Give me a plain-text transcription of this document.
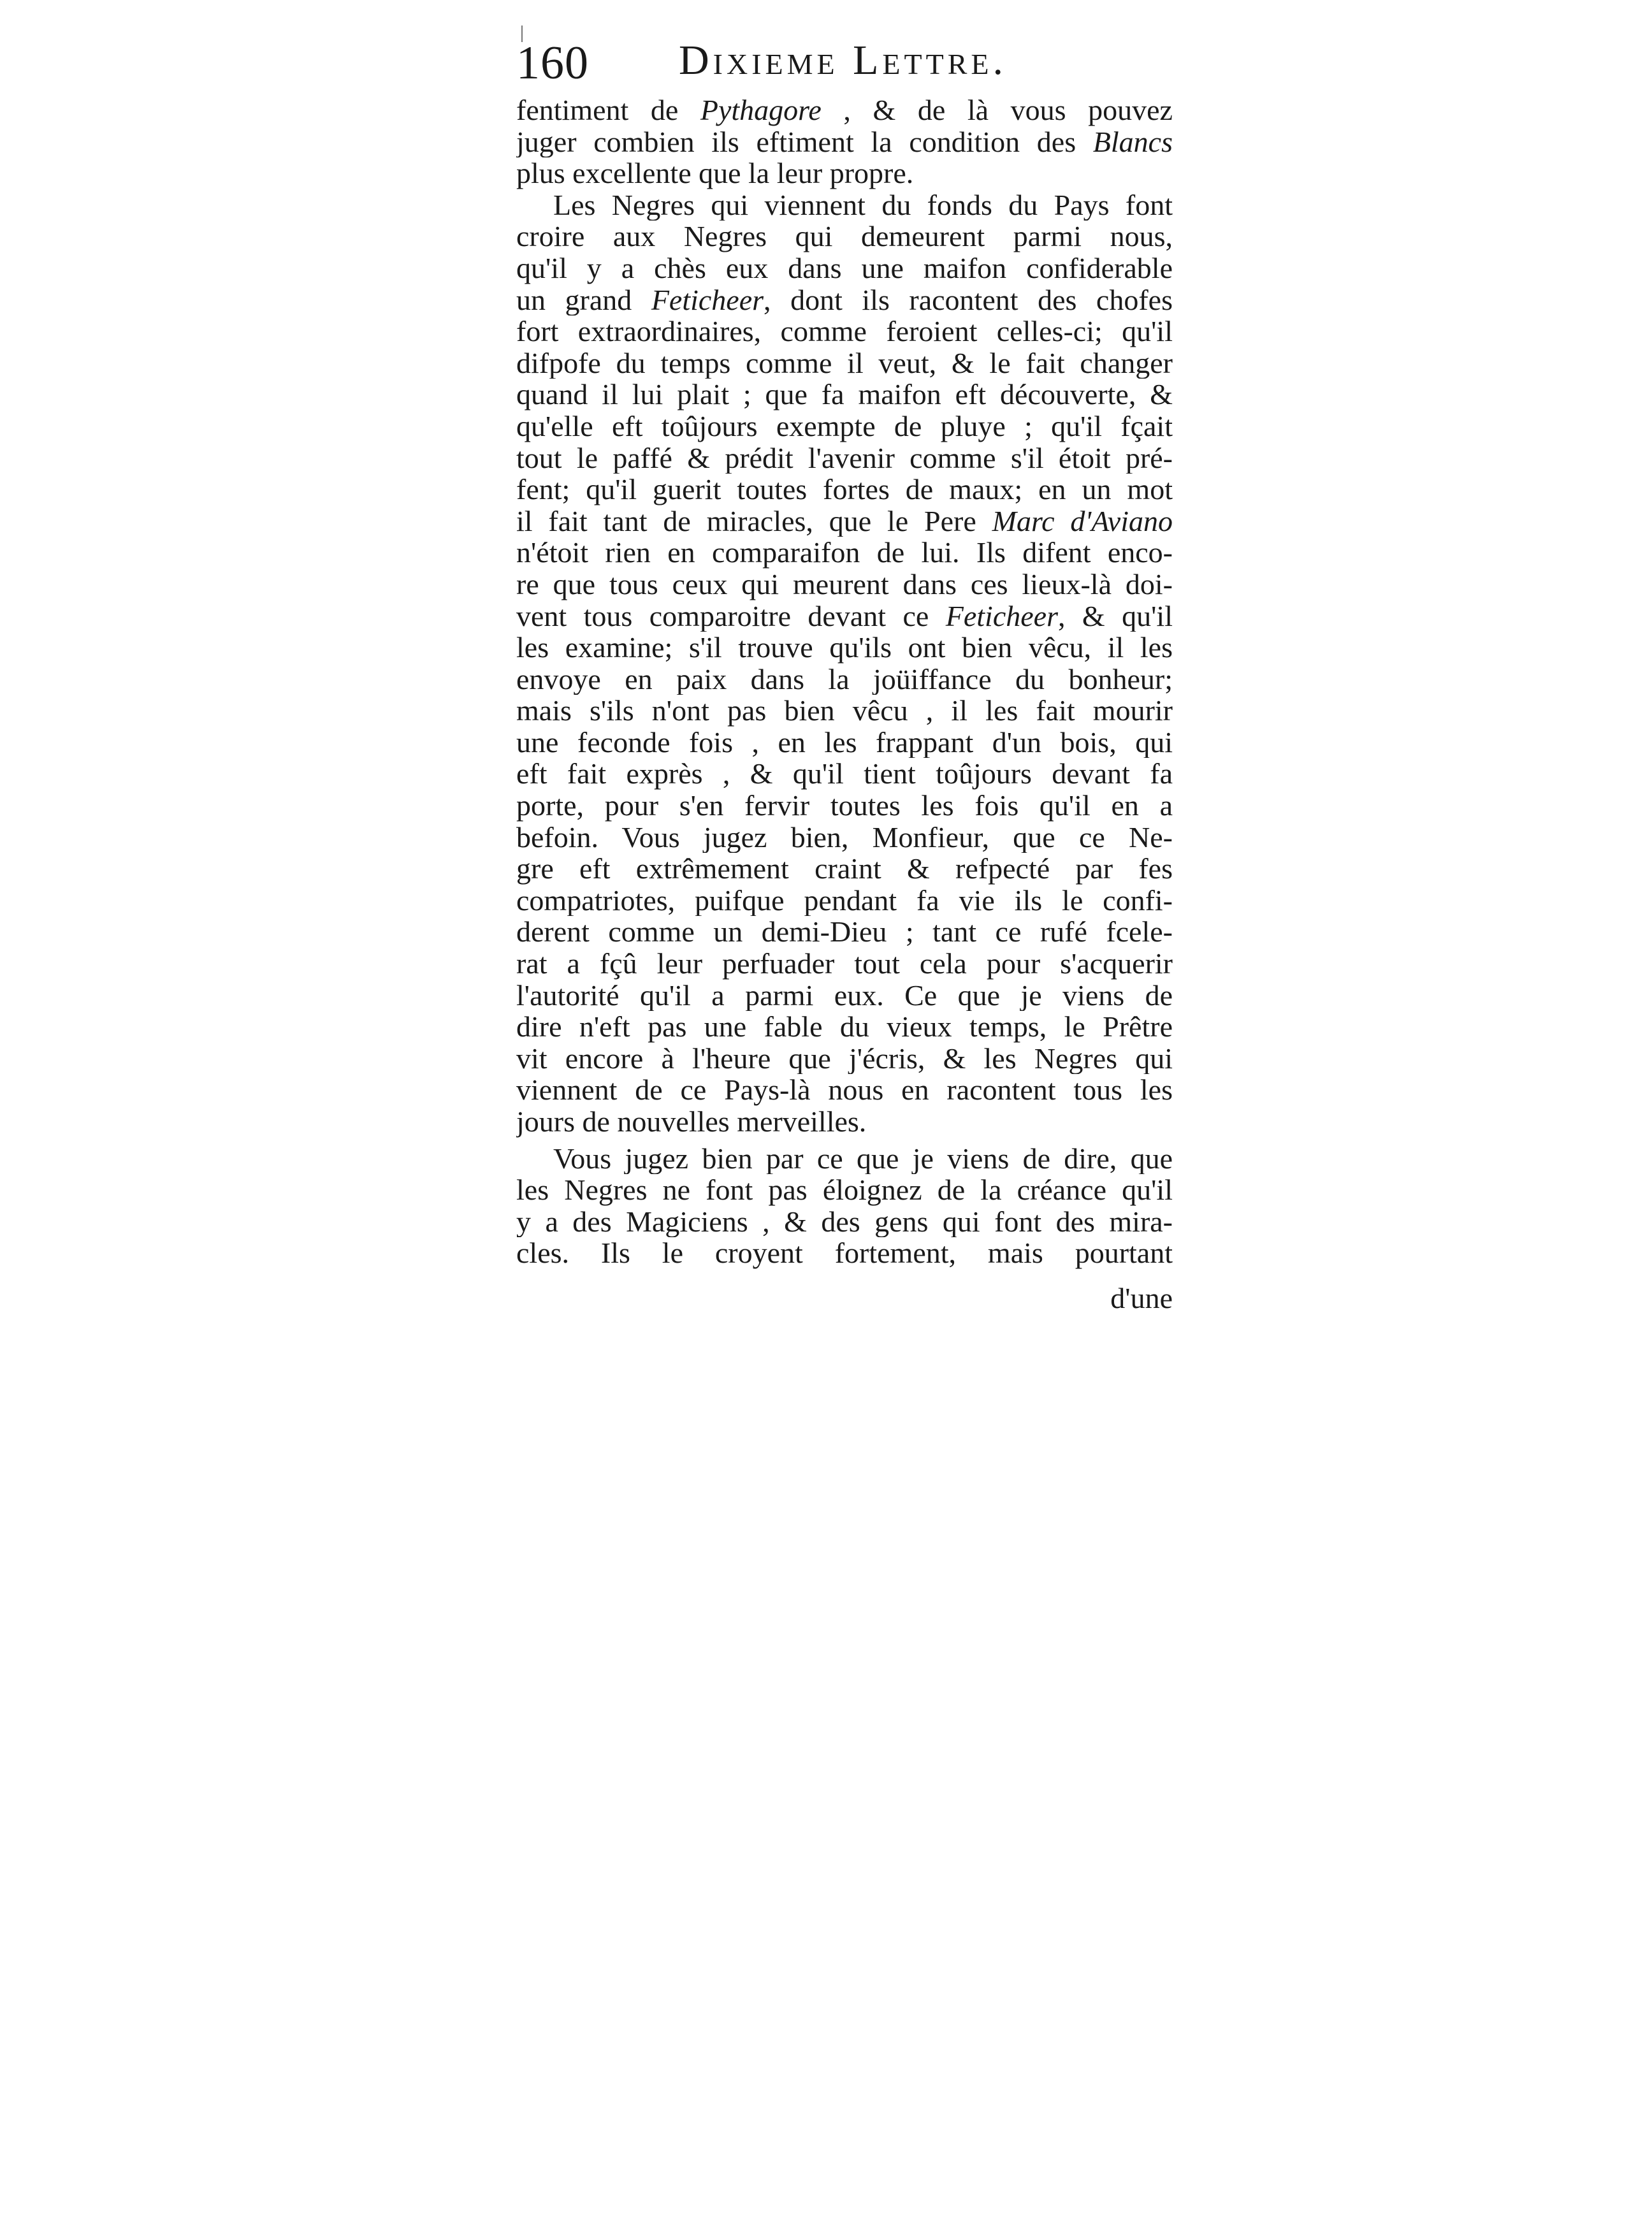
160 Dixieme Lettre.
fentiment de Pythagore , & de là vous pouvez
juger combien ils eftiment la condition des Blancs
plus excellente que la leur propre.
Les Negres qui viennent du fonds du Pays font
croire aux Negres qui demeurent parmi nous,
qu'il y a chès eux dans une maifon confiderable
un grand Feticheer, dont ils racontent des chofes
fort extraordinaires, comme feroient celles-ci; qu'il
difpofe du temps comme il veut, & le fait changer
quand il lui plait ; que fa maifon eft découverte, &
qu'elle eft toûjours exempte de pluye ; qu'il fçait
tout le paffé & prédit l'avenir comme s'il étoit pré-
fent; qu'il guerit toutes fortes de maux; en un mot
il fait tant de miracles, que le Pere Marc d'Aviano
n'étoit rien en comparaifon de lui. Ils difent enco-
re que tous ceux qui meurent dans ces lieux-là doi-
vent tous comparoitre devant ce Feticheer, & qu'il
les examine; s'il trouve qu'ils ont bien vêcu, il les
envoye en paix dans la joüiffance du bonheur;
mais s'ils n'ont pas bien vêcu , il les fait mourir
une feconde fois , en les frappant d'un bois, qui
eft fait exprès , & qu'il tient toûjours devant fa
porte, pour s'en fervir toutes les fois qu'il en a
befoin. Vous jugez bien, Monfieur, que ce Ne-
gre eft extrêmement craint & refpecté par fes
compatriotes, puifque pendant fa vie ils le confi-
derent comme un demi-Dieu ; tant ce rufé fcele-
rat a fçû leur perfuader tout cela pour s'acquerir
l'autorité qu'il a parmi eux. Ce que je viens de
dire n'eft pas une fable du vieux temps, le Prêtre
vit encore à l'heure que j'écris, & les Negres qui
viennent de ce Pays-là nous en racontent tous les
jours de nouvelles merveilles.
Vous jugez bien par ce que je viens de dire, que
les Negres ne font pas éloignez de la créance qu'il
y a des Magiciens , & des gens qui font des mira-
cles. Ils le croyent fortement, mais pourtant
d'une
